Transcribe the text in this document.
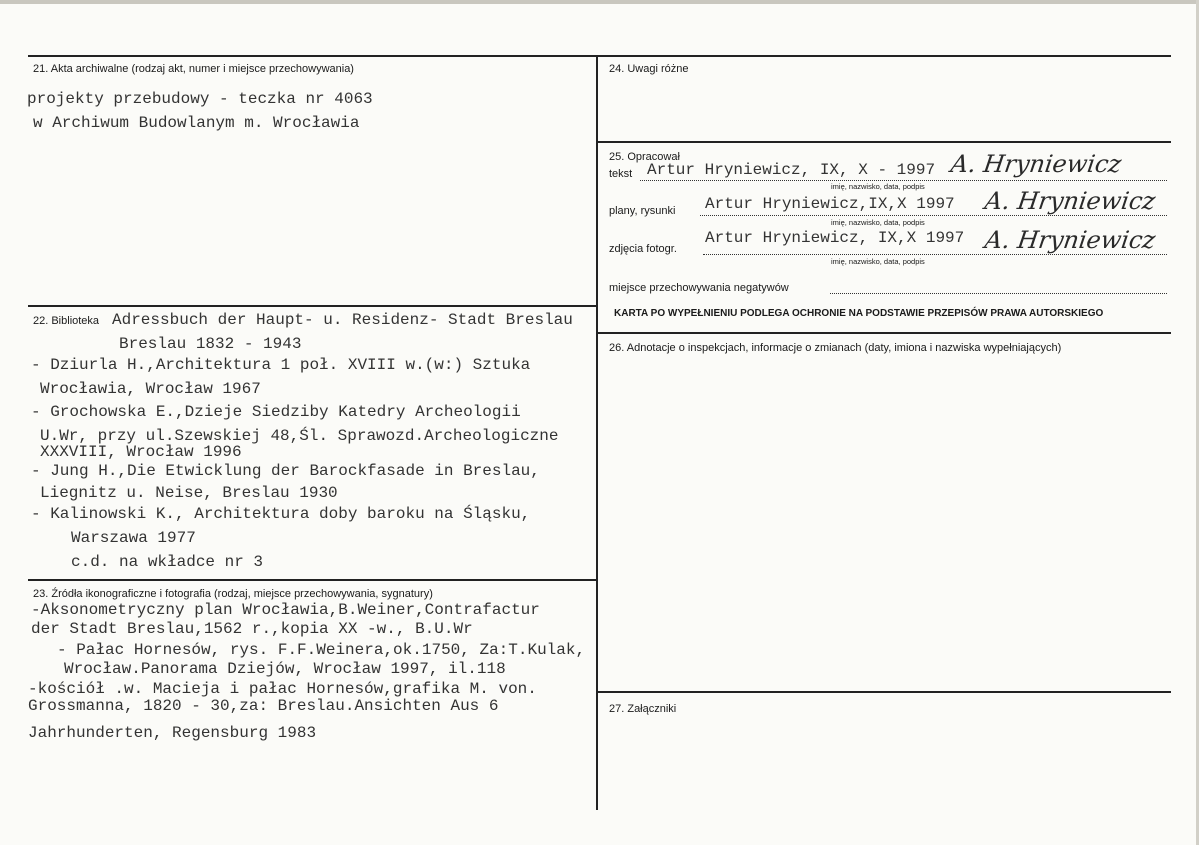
21. Akta archiwalne (rodzaj akt, numer i miejsce przechowywania)
projekty przebudowy - teczka nr 4063
w Archiwum Budowlanym m. Wrocławia
22. Biblioteka Adressbuch der Haupt- u. Residenz- Stadt Breslau
Breslau 1832 - 1943
- Dziurla H.,Architektura 1 poł. XVIII w.(w:) Sztuka
Wrocławia, Wrocław 1967
- Grochowska E.,Dzieje Siedziby Katedry Archeologii
U.Wr, przy ul.Szewskiej 48,Śl. Sprawozd.Archeologiczne
XXXVIII, Wrocław 1996
- Jung H.,Die Etwicklung der Barockfasade in Breslau,
Liegnitz u. Neise, Breslau 1930
- Kalinowski K., Architektura doby baroku na Śląsku,
Warszawa 1977
c.d. na wkładce nr 3
23. Źródła ikonograficzne i fotografia (rodzaj, miejsce przechowywania, sygnatury)
-Aksonometryczny plan Wrocławia,B.Weiner,Contrafactur
der Stadt Breslau,1562 r.,kopia XX -w., B.U.Wr
- Pałac Hornesów, rys. F.F.Weinera,ok.1750, Za:T.Kulak,
Wrocław.Panorama Dziejów, Wrocław 1997, il.118
-kościół .w. Macieja i pałac Hornesów,grafika M. von.
Grossmanna, 1820 - 30,za: Breslau.Ansichten Aus 6
Jahrhunderten, Regensburg 1983
24. Uwagi różne
25. Opracował
tekst Artur Hryniewicz, IX, X - 1997 A. Hryniewicz
imię, nazwisko, data, podpis
plany, rysunki Artur Hryniewicz,IX,X 1997 A. Hryniewicz
imię, nazwisko, data, podpis
zdjęcia fotogr.
Artur Hryniewicz, IX,X 1997 A. Hryniewicz
imię, nazwisko, data, podpis
miejsce przechowywania negatywów
KARTA PO WYPEŁNIENIU PODLEGA OCHRONIE NA PODSTAWIE PRZEPISÓW PRAWA AUTORSKIEGO
26. Adnotacje o inspekcjach, informacje o zmianach (daty, imiona i nazwiska wypełniających)
27. Załączniki
